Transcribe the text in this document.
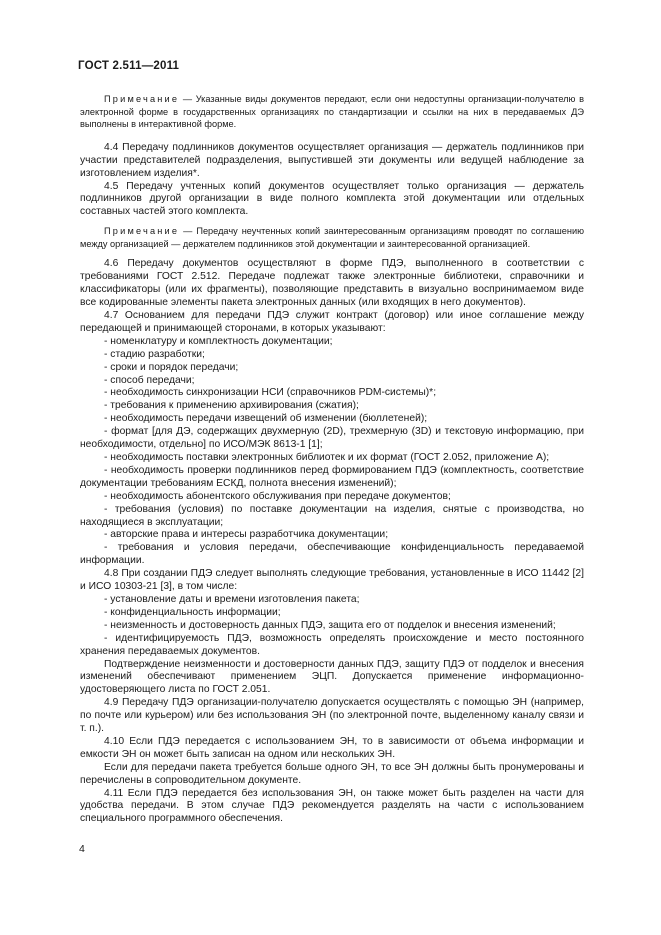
ГОСТ 2.511—2011

Примечание — Указанные виды документов передают, если они недоступны организации-получателю в электронной форме в государственных организациях по стандартизации и ссылки на них в передаваемых ДЭ выполнены в интерактивной форме.

4.4 Передачу подлинников документов осуществляет организация — держатель подлинников при участии представителей подразделения, выпустившей эти документы или ведущей наблюдение за изготовлением изделия*.

4.5 Передачу учтенных копий документов осуществляет только организация — держатель подлинников другой организации в виде полного комплекта этой документации или отдельных составных частей этого комплекта.

Примечание — Передачу неучтенных копий заинтересованным организациям проводят по соглашению между организацией — держателем подлинников этой документации и заинтересованной организацией.

4.6 Передачу документов осуществляют в форме ПДЭ, выполненного в соответствии с требованиями ГОСТ 2.512. Передаче подлежат также электронные библиотеки, справочники и классификаторы (или их фрагменты), позволяющие представить в визуально воспринимаемом виде все кодированные элементы пакета электронных данных (или входящих в него документов).

4.7 Основанием для передачи ПДЭ служит контракт (договор) или иное соглашение между передающей и принимающей сторонами, в которых указывают:

- номенклатуру и комплектность документации;

- стадию разработки;

- сроки и порядок передачи;

- способ передачи;

- необходимость синхронизации НСИ (справочников PDM-системы)*;

- требования к применению архивирования (сжатия);

- необходимость передачи извещений об изменении (бюллетеней);

- формат [для ДЭ, содержащих двухмерную (2D), трехмерную (3D) и текстовую информацию, при необходимости, отдельно] по ИСО/МЭК 8613-1 [1];

- необходимость поставки электронных библиотек и их формат (ГОСТ 2.052, приложение А);

- необходимость проверки подлинников перед формированием ПДЭ (комплектность, соответствие документации требованиям ЕСКД, полнота внесения изменений);

- необходимость абонентского обслуживания при передаче документов;

- требования (условия) по поставке документации на изделия, снятые с производства, но находящиеся в эксплуатации;

- авторские права и интересы разработчика документации;

- требования и условия передачи, обеспечивающие конфиденциальность передаваемой информации.

4.8 При создании ПДЭ следует выполнять следующие требования, установленные в ИСО 11442 [2] и ИСО 10303-21 [3], в том числе:

- установление даты и времени изготовления пакета;

- конфиденциальность информации;

- неизменность и достоверность данных ПДЭ, защита его от подделок и внесения изменений;

- идентифицируемость ПДЭ, возможность определять происхождение и место постоянного хранения передаваемых документов.

Подтверждение неизменности и достоверности данных ПДЭ, защиту ПДЭ от подделок и внесения изменений обеспечивают применением ЭЦП. Допускается применение информационно-удостоверяющего листа по ГОСТ 2.051.

4.9 Передачу ПДЭ организации-получателю допускается осуществлять с помощью ЭН (например, по почте или курьером) или без использования ЭН (по электронной почте, выделенному каналу связи и т. п.).

4.10 Если ПДЭ передается с использованием ЭН, то в зависимости от объема информации и емкости ЭН он может быть записан на одном или нескольких ЭН.

Если для передачи пакета требуется больше одного ЭН, то все ЭН должны быть пронумерованы и перечислены в сопроводительном документе.

4.11 Если ПДЭ передается без использования ЭН, он также может быть разделен на части для удобства передачи. В этом случае ПДЭ рекомендуется разделять на части с использованием специального программного обеспечения.

4
